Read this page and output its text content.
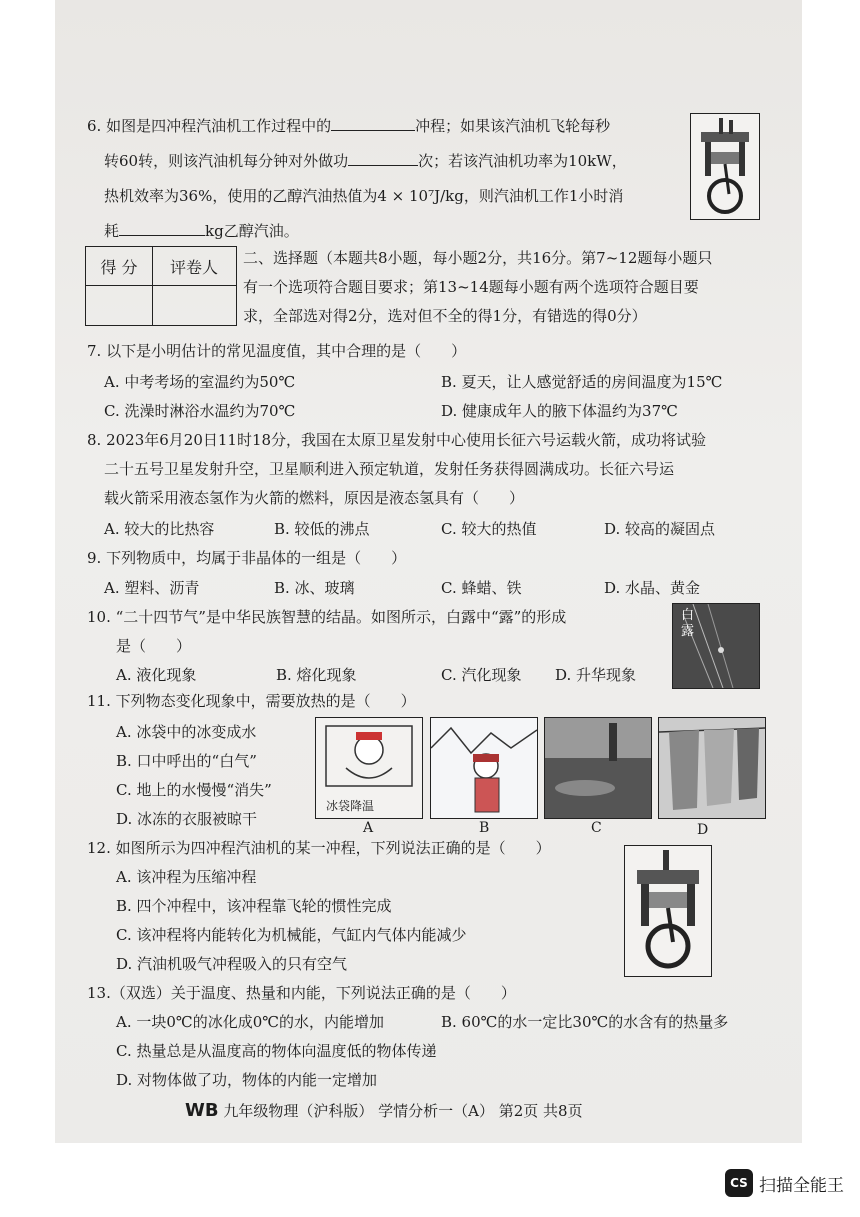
6. 如图是四冲程汽油机工作过程中的	冲程；如果该汽油机飞轮每秒
转60转，则该汽油机每分钟对外做功	次；若该汽油机功率为10kW，
热机效率为36%，使用的乙醇汽油热值为4 × 10⁷J/kg，则汽油机工作1小时消
耗	kg乙醇汽油。
得 分	评卷人	二、选择题（本题共8小题，每小题2分，共16分。第7~12题每小题只
有一个选项符合题目要求；第13~14题每小题有两个选项符合题目要
求，全部选对得2分，选对但不全的得1分，有错选的得0分）
7. 以下是小明估计的常见温度值，其中合理的是（　　）
A. 中考考场的室温约为50℃	B. 夏天，让人感觉舒适的房间温度为15℃
C. 洗澡时淋浴水温约为70℃	D. 健康成年人的腋下体温约为37℃
8. 2023年6月20日11时18分，我国在太原卫星发射中心使用长征六号运载火箭，成功将试验
二十五号卫星发射升空，卫星顺利进入预定轨道，发射任务获得圆满成功。长征六号运
载火箭采用液态氢作为火箭的燃料，原因是液态氢具有（　　）
A. 较大的比热容	B. 较低的沸点	C. 较大的热值	D. 较高的凝固点
9. 下列物质中，均属于非晶体的一组是（　　）
A. 塑料、沥青	B. 冰、玻璃	C. 蜂蜡、铁	D. 水晶、黄金
10. “二十四节气”是中华民族智慧的结晶。如图所示，白露中“露”的形成
是（　　）
A. 液化现象	B. 熔化现象	C. 汽化现象 D. 升华现象
白露
11. 下列物态变化现象中，需要放热的是（　　）
A. 冰袋中的冰变成水
B. 口中呼出的“白气”
C. 地上的水慢慢“消失”
D. 冰冻的衣服被晾干
冰袋降温
A	B	C	D
12. 如图所示为四冲程汽油机的某一冲程，下列说法正确的是（　　）
A. 该冲程为压缩冲程
B. 四个冲程中，该冲程靠飞轮的惯性完成
C. 该冲程将内能转化为机械能，气缸内气体内能减少
D. 汽油机吸气冲程吸入的只有空气
13.（双选）关于温度、热量和内能，下列说法正确的是（　　）
A. 一块0℃的冰化成0℃的水，内能增加	B. 60℃的水一定比30℃的水含有的热量多
C. 热量总是从温度高的物体向温度低的物体传递
D. 对物体做了功，物体的内能一定增加
WB 九年级物理（沪科版） 学情分析一（A） 第2页 共8页
CS 扫描全能王
